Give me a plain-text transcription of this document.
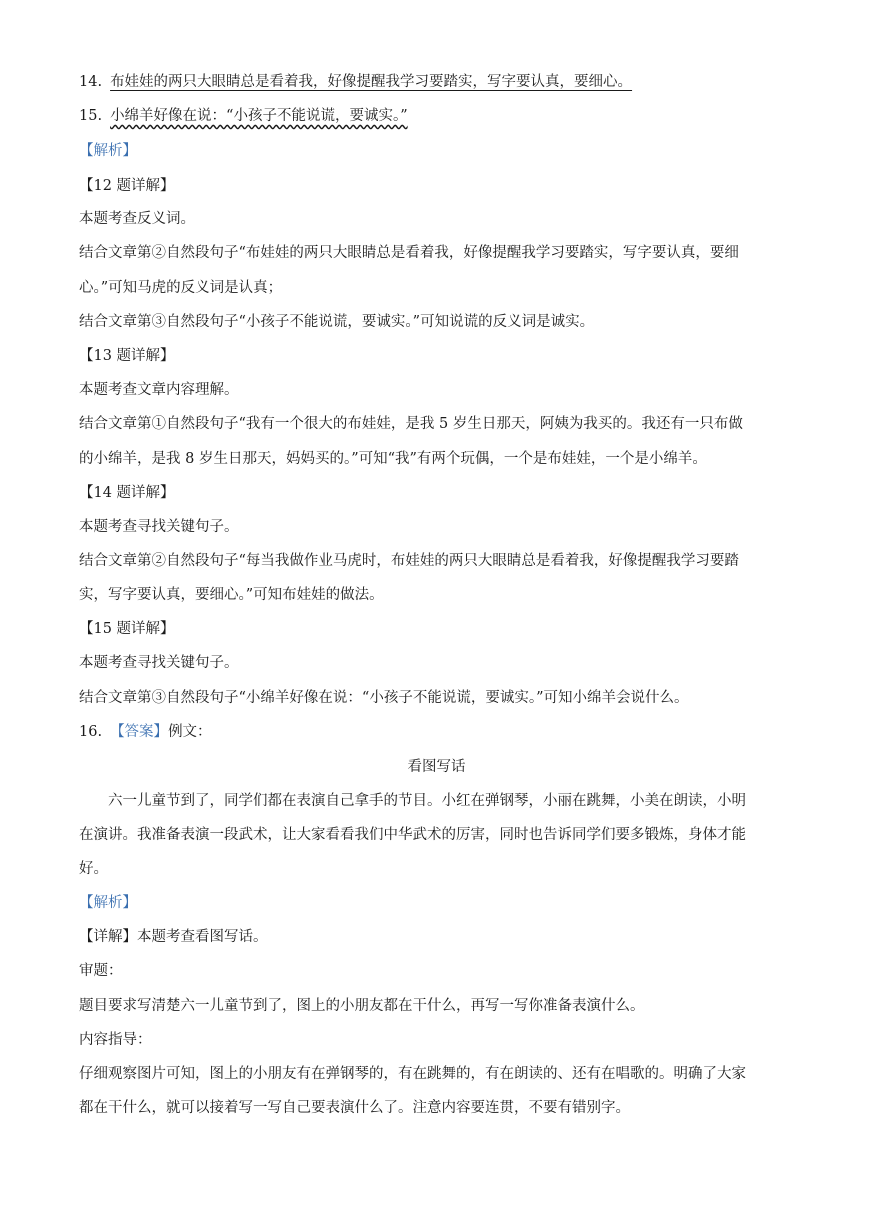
14. 布娃娃的两只大眼睛总是看着我，好像提醒我学习要踏实，写字要认真，要细心。
15. 小绵羊好像在说：“小孩子不能说谎，要诚实。”
【解析】
【12 题详解】
本题考查反义词。
结合文章第②自然段句子“布娃娃的两只大眼睛总是看着我，好像提醒我学习要踏实，写字要认真，要细
心。”可知马虎的反义词是认真；
结合文章第③自然段句子“小孩子不能说谎，要诚实。”可知说谎的反义词是诚实。
【13 题详解】
本题考查文章内容理解。
结合文章第①自然段句子“我有一个很大的布娃娃，是我 5 岁生日那天，阿姨为我买的。我还有一只布做
的小绵羊，是我 8 岁生日那天，妈妈买的。”可知“我”有两个玩偶，一个是布娃娃，一个是小绵羊。
【14 题详解】
本题考查寻找关键句子。
结合文章第②自然段句子“每当我做作业马虎时，布娃娃的两只大眼睛总是看着我，好像提醒我学习要踏
实，写字要认真，要细心。”可知布娃娃的做法。
【15 题详解】
本题考查寻找关键句子。
结合文章第③自然段句子“小绵羊好像在说：“小孩子不能说谎，要诚实。”可知小绵羊会说什么。
16. 【答案】例文：
看图写话
六一儿童节到了，同学们都在表演自己拿手的节目。小红在弹钢琴，小丽在跳舞，小美在朗读，小明
在演讲。我准备表演一段武术，让大家看看我们中华武术的厉害，同时也告诉同学们要多锻炼，身体才能
好。
【解析】
【详解】本题考查看图写话。
审题：
题目要求写清楚六一儿童节到了，图上的小朋友都在干什么，再写一写你准备表演什么。
内容指导：
仔细观察图片可知，图上的小朋友有在弹钢琴的，有在跳舞的，有在朗读的、还有在唱歌的。明确了大家
都在干什么，就可以接着写一写自己要表演什么了。注意内容要连贯，不要有错别字。
